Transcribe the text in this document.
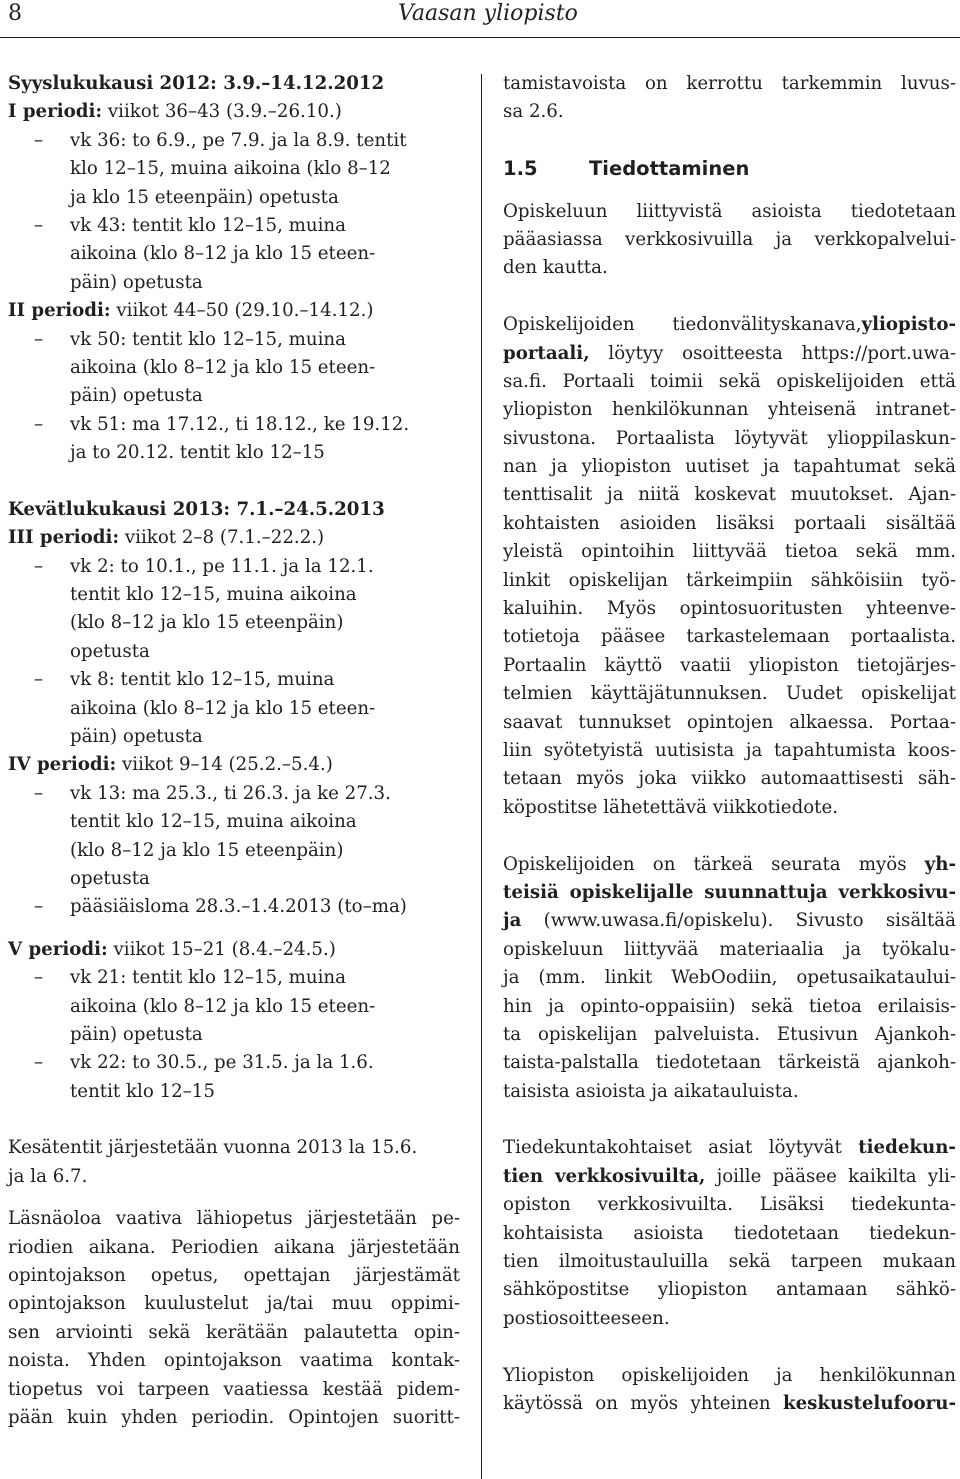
8	Vaasan yliopisto
Syyslukukausi 2012: 3.9.–14.12.2012
I periodi: viikot 36–43 (3.9.–26.10.)
– vk 36: to 6.9., pe 7.9. ja la 8.9. tentit
klo 12–15, muina aikoina (klo 8–12
ja klo 15 eteenpäin) opetusta
– vk 43: tentit klo 12–15, muina
aikoina (klo 8–12 ja klo 15 eteen-
päin) opetusta
II periodi: viikot 44–50 (29.10.–14.12.)
– vk 50: tentit klo 12–15, muina
aikoina (klo 8–12 ja klo 15 eteen-
päin) opetusta
– vk 51: ma 17.12., ti 18.12., ke 19.12.
ja to 20.12. tentit klo 12–15
Kevätlukukausi 2013: 7.1.–24.5.2013
III periodi: viikot 2–8 (7.1.–22.2.)
– vk 2: to 10.1., pe 11.1. ja la 12.1.
tentit klo 12–15, muina aikoina
(klo 8–12 ja klo 15 eteenpäin)
opetusta
– vk 8: tentit klo 12–15, muina
aikoina (klo 8–12 ja klo 15 eteen-
päin) opetusta
IV periodi: viikot 9–14 (25.2.–5.4.)
– vk 13: ma 25.3., ti 26.3. ja ke 27.3.
tentit klo 12–15, muina aikoina
(klo 8–12 ja klo 15 eteenpäin)
opetusta
– pääsiäisloma 28.3.–1.4.2013 (to–ma)
V periodi: viikot 15–21 (8.4.–24.5.)
– vk 21: tentit klo 12–15, muina
aikoina (klo 8–12 ja klo 15 eteen-
päin) opetusta
– vk 22: to 30.5., pe 31.5. ja la 1.6.
tentit klo 12–15
Kesätentit järjestetään vuonna 2013 la 15.6.
ja la 6.7.
Läsnäoloa vaativa lähiopetus järjestetään pe-
riodien aikana. Periodien aikana järjestetään
opintojakson opetus, opettajan järjestämät
opintojakson kuulustelut ja/tai muu oppimi-
sen arviointi sekä kerätään palautetta opin-
noista. Yhden opintojakson vaatima kontak-
tiopetus voi tarpeen vaatiessa kestää pidem-
pään kuin yhden periodin. Opintojen suoritt-
tamistavoista on kerrottu tarkemmin luvus-
sa 2.6.
1.5	Tiedottaminen
Opiskeluun liittyvistä asioista tiedotetaan
pääasiassa verkkosivuilla ja verkkopalvelui-
den kautta.
Opiskelijoiden tiedonvälityskanava,yliopisto-
portaali, löytyy osoitteesta https://port.uwa-
sa.fi. Portaali toimii sekä opiskelijoiden että
yliopiston henkilökunnan yhteisenä intranet-
sivustona. Portaalista löytyvät ylioppilaskun-
nan ja yliopiston uutiset ja tapahtumat sekä
tenttisalit ja niitä koskevat muutokset. Ajan-
kohtaisten asioiden lisäksi portaali sisältää
yleistä opintoihin liittyvää tietoa sekä mm.
linkit opiskelijan tärkeimpiin sähköisiin työ-
kaluihin. Myös opintosuoritusten yhteenve-
totietoja pääsee tarkastelemaan portaalista.
Portaalin käyttö vaatii yliopiston tietojärjes-
telmien käyttäjätunnuksen. Uudet opiskelijat
saavat tunnukset opintojen alkaessa. Portaa-
liin syötetyistä uutisista ja tapahtumista koos-
tetaan myös joka viikko automaattisesti säh-
köpostitse lähetettävä viikkotiedote.
Opiskelijoiden on tärkeä seurata myös yh-
teisiä opiskelijalle suunnattuja verkkosivu-
ja (www.uwasa.fi/opiskelu). Sivusto sisältää
opiskeluun liittyvää materiaalia ja työkalu-
ja (mm. linkit WebOodiin, opetusaikataului-
hin ja opinto-oppaisiin) sekä tietoa erilaisis-
ta opiskelijan palveluista. Etusivun Ajankoh-
taista-palstalla tiedotetaan tärkeistä ajankoh-
taisista asioista ja aikatauluista.
Tiedekuntakohtaiset asiat löytyvät tiedekun-
tien verkkosivuilta, joille pääsee kaikilta yli-
opiston verkkosivuilta. Lisäksi tiedekunta-
kohtaisista asioista tiedotetaan tiedekun-
tien ilmoitustauluilla sekä tarpeen mukaan
sähköpostitse yliopiston antamaan sähkö-
postiosoitteeseen.
Yliopiston opiskelijoiden ja henkilökunnan
käytössä on myös yhteinen keskustelufooru-
